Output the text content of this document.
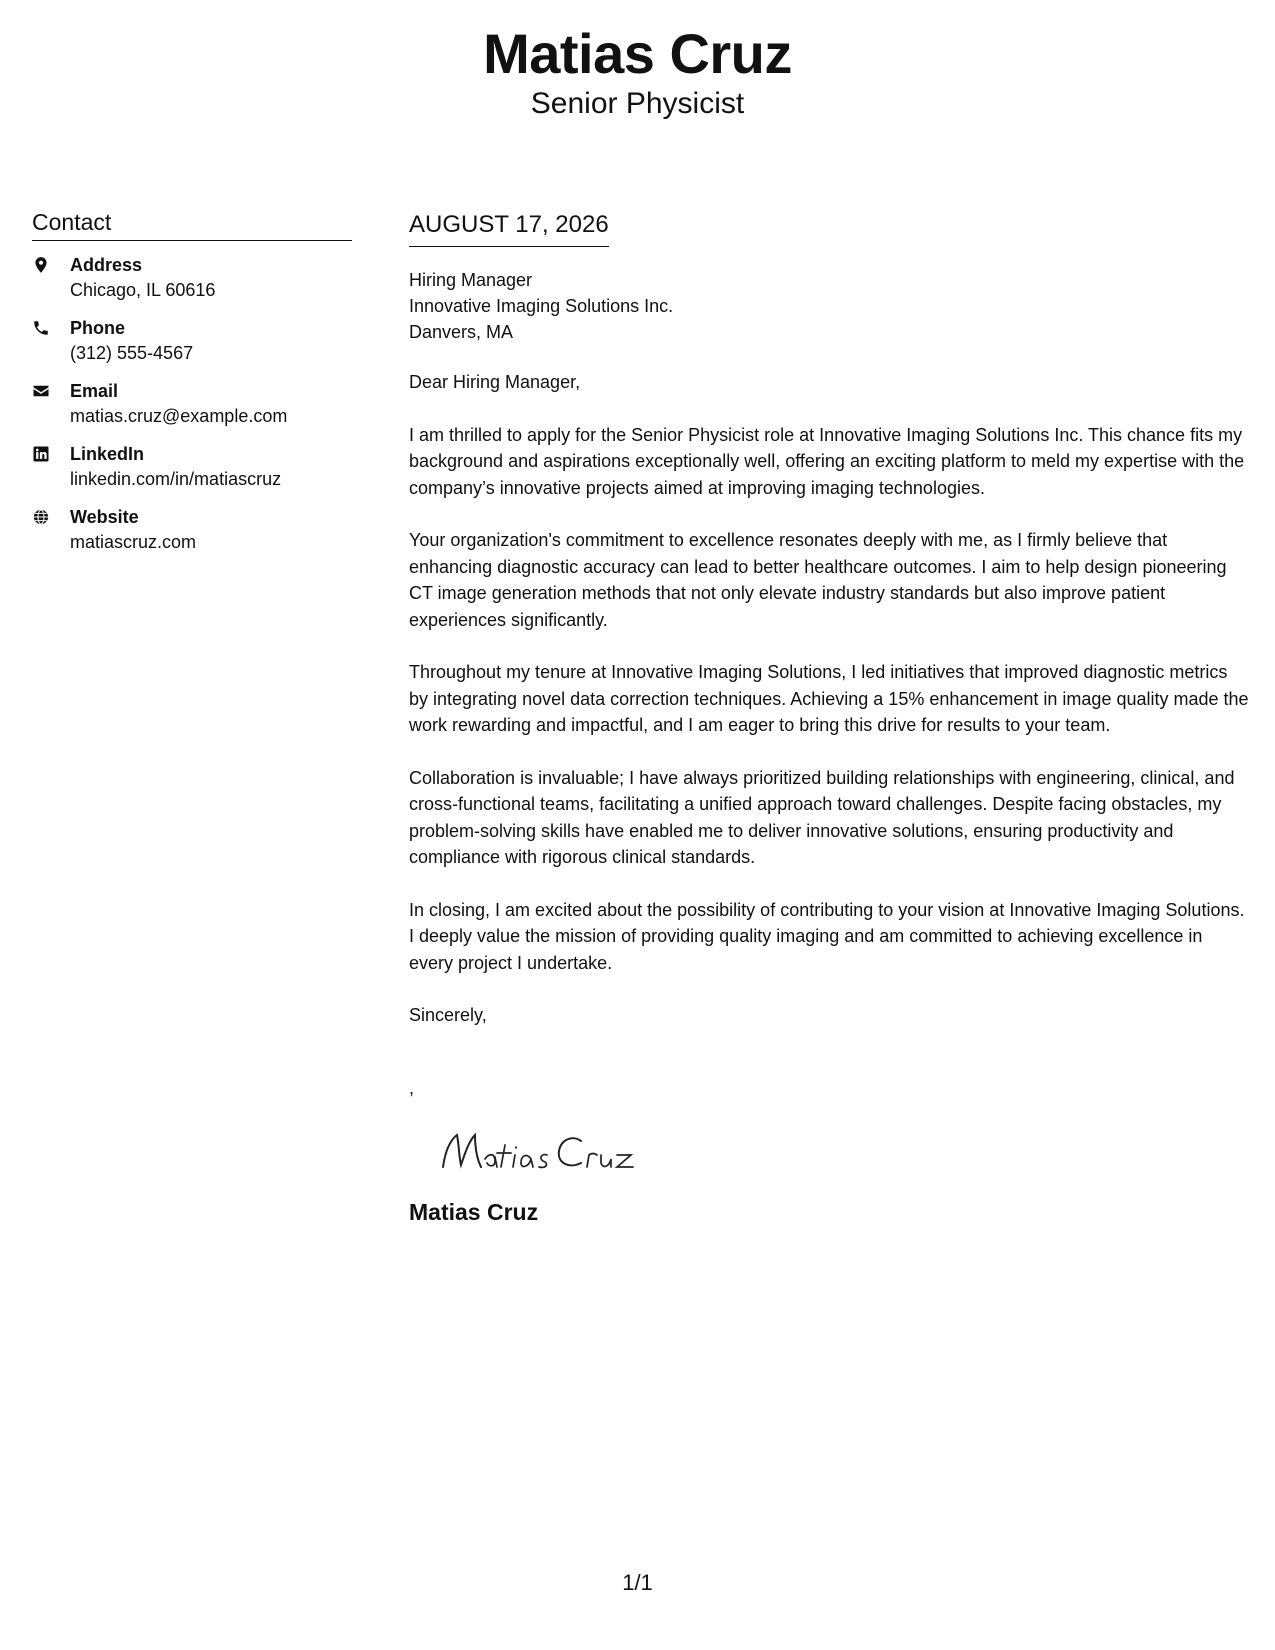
Matias Cruz
Senior Physicist
Contact
Address
Chicago, IL 60616
Phone
(312) 555-4567
Email
matias.cruz@example.com
LinkedIn
linkedin.com/in/matiascruz
Website
matiascruz.com
AUGUST 17, 2026
Hiring Manager
Innovative Imaging Solutions Inc.
Danvers, MA

Dear Hiring Manager,

I am thrilled to apply for the Senior Physicist role at Innovative Imaging Solutions Inc. This chance fits my background and aspirations exceptionally well, offering an exciting platform to meld my expertise with the company’s innovative projects aimed at improving imaging technologies.

Your organization's commitment to excellence resonates deeply with me, as I firmly believe that enhancing diagnostic accuracy can lead to better healthcare outcomes. I aim to help design pioneering CT image generation methods that not only elevate industry standards but also improve patient experiences significantly.

Throughout my tenure at Innovative Imaging Solutions, I led initiatives that improved diagnostic metrics by integrating novel data correction techniques. Achieving a 15% enhancement in image quality made the work rewarding and impactful, and I am eager to bring this drive for results to your team.

Collaboration is invaluable; I have always prioritized building relationships with engineering, clinical, and cross-functional teams, facilitating a unified approach toward challenges. Despite facing obstacles, my problem-solving skills have enabled me to deliver innovative solutions, ensuring productivity and compliance with rigorous clinical standards.

In closing, I am excited about the possibility of contributing to your vision at Innovative Imaging Solutions. I deeply value the mission of providing quality imaging and am committed to achieving excellence in every project I undertake.

Sincerely,

,
Matias Cruz
1/1
